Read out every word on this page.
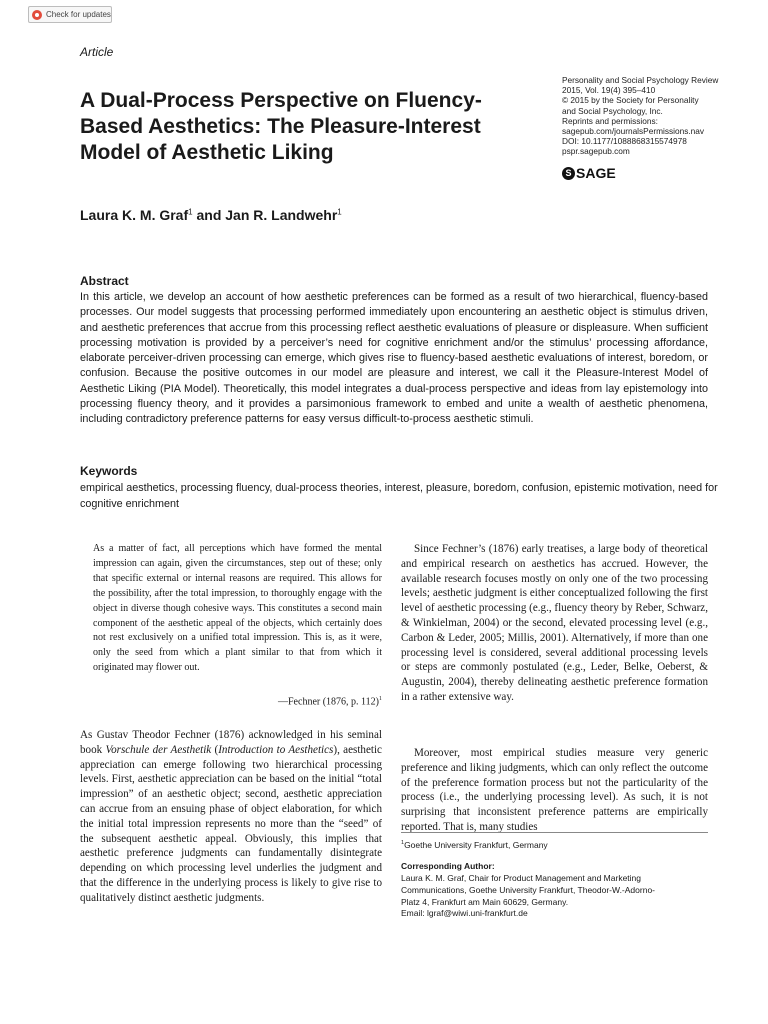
Check for updates
Article
A Dual-Process Perspective on Fluency-Based Aesthetics: The Pleasure-Interest Model of Aesthetic Liking
Personality and Social Psychology Review
2015, Vol. 19(4) 395–410
© 2015 by the Society for Personality
and Social Psychology, Inc.
Reprints and permissions:
sagepub.com/journalsPermissions.nav
DOI: 10.1177/1088868315574978
pspr.sagepub.com
S SAGE
Laura K. M. Graf$^1$ and Jan R. Landwehr$^1$
Abstract

In this article, we develop an account of how aesthetic preferences can be formed as a result of two hierarchical, fluency-based processes. Our model suggests that processing performed immediately upon encountering an aesthetic object is stimulus driven, and aesthetic preferences that accrue from this processing reflect aesthetic evaluations of pleasure or displeasure. When sufficient processing motivation is provided by a perceiver’s need for cognitive enrichment and/or the stimulus’ processing affordance, elaborate perceiver-driven processing can emerge, which gives rise to fluency-based aesthetic evaluations of interest, boredom, or confusion. Because the positive outcomes in our model are pleasure and interest, we call it the Pleasure-Interest Model of Aesthetic Liking (PIA Model). Theoretically, this model integrates a dual-process perspective and ideas from lay epistemology into processing fluency theory, and it provides a parsimonious framework to embed and unite a wealth of aesthetic phenomena, including contradictory preference patterns for easy versus difficult-to-process aesthetic stimuli.

Keywords

empirical aesthetics, processing fluency, dual-process theories, interest, pleasure, boredom, confusion, epistemic motivation, need for cognitive enrichment

As a matter of fact, all perceptions which have formed the mental impression can again, given the circumstances, step out of these; only that specific external or internal reasons are required. This allows for the possibility, after the total impression, to thoroughly engage with the object in diverse though cohesive ways. This constitutes a second main component of the aesthetic appeal of the objects, which certainly does not rest exclusively on a unified total impression. This is, as it were, only the seed from which a plant similar to that from which it originated may flower out.

—Fechner (1876, p. 112)$^1$

As Gustav Theodor Fechner (1876) acknowledged in his seminal book Vorschule der Aesthetik (Introduction to Aesthetics), aesthetic appreciation can emerge following two hierarchical processing levels. First, aesthetic appreciation can be based on the initial “total impression” of an aesthetic object; second, aesthetic appreciation can accrue from an ensuing phase of object elaboration, for which the initial total impression represents no more than the “seed” of the subsequent aesthetic appeal. Obviously, this implies that aesthetic preference judgments can fundamentally disintegrate depending on which processing level underlies the judgment and that the difference in the underlying process is likely to give rise to qualitatively distinct aesthetic judgments.

Since Fechner’s (1876) early treatises, a large body of theoretical and empirical research on aesthetics has accrued. However, the available research focuses mostly on only one of the two processing levels; aesthetic judgment is either conceptualized following the first level of aesthetic processing (e.g., fluency theory by Reber, Schwarz, & Winkielman, 2004) or the second, elevated processing level (e.g., Carbon & Leder, 2005; Millis, 2001). Alternatively, if more than one processing level is considered, several additional processing levels or steps are commonly postulated (e.g., Leder, Belke, Oeberst, & Augustin, 2004), thereby delineating aesthetic preference formation in a rather extensive way.

Moreover, most empirical studies measure very generic preference and liking judgments, which can only reflect the outcome of the preference formation process but not the particularity of the process (i.e., the underlying processing level). As such, it is not surprising that inconsistent preference patterns are empirically reported. That is, many studies

$^1$Goethe University Frankfurt, Germany
Corresponding Author:
Laura K. M. Graf, Chair for Product Management and Marketing
Communications, Goethe University Frankfurt, Theodor-W.-Adorno-
Platz 4, Frankfurt am Main 60629, Germany.
Email: lgraf@wiwi.uni-frankfurt.de
